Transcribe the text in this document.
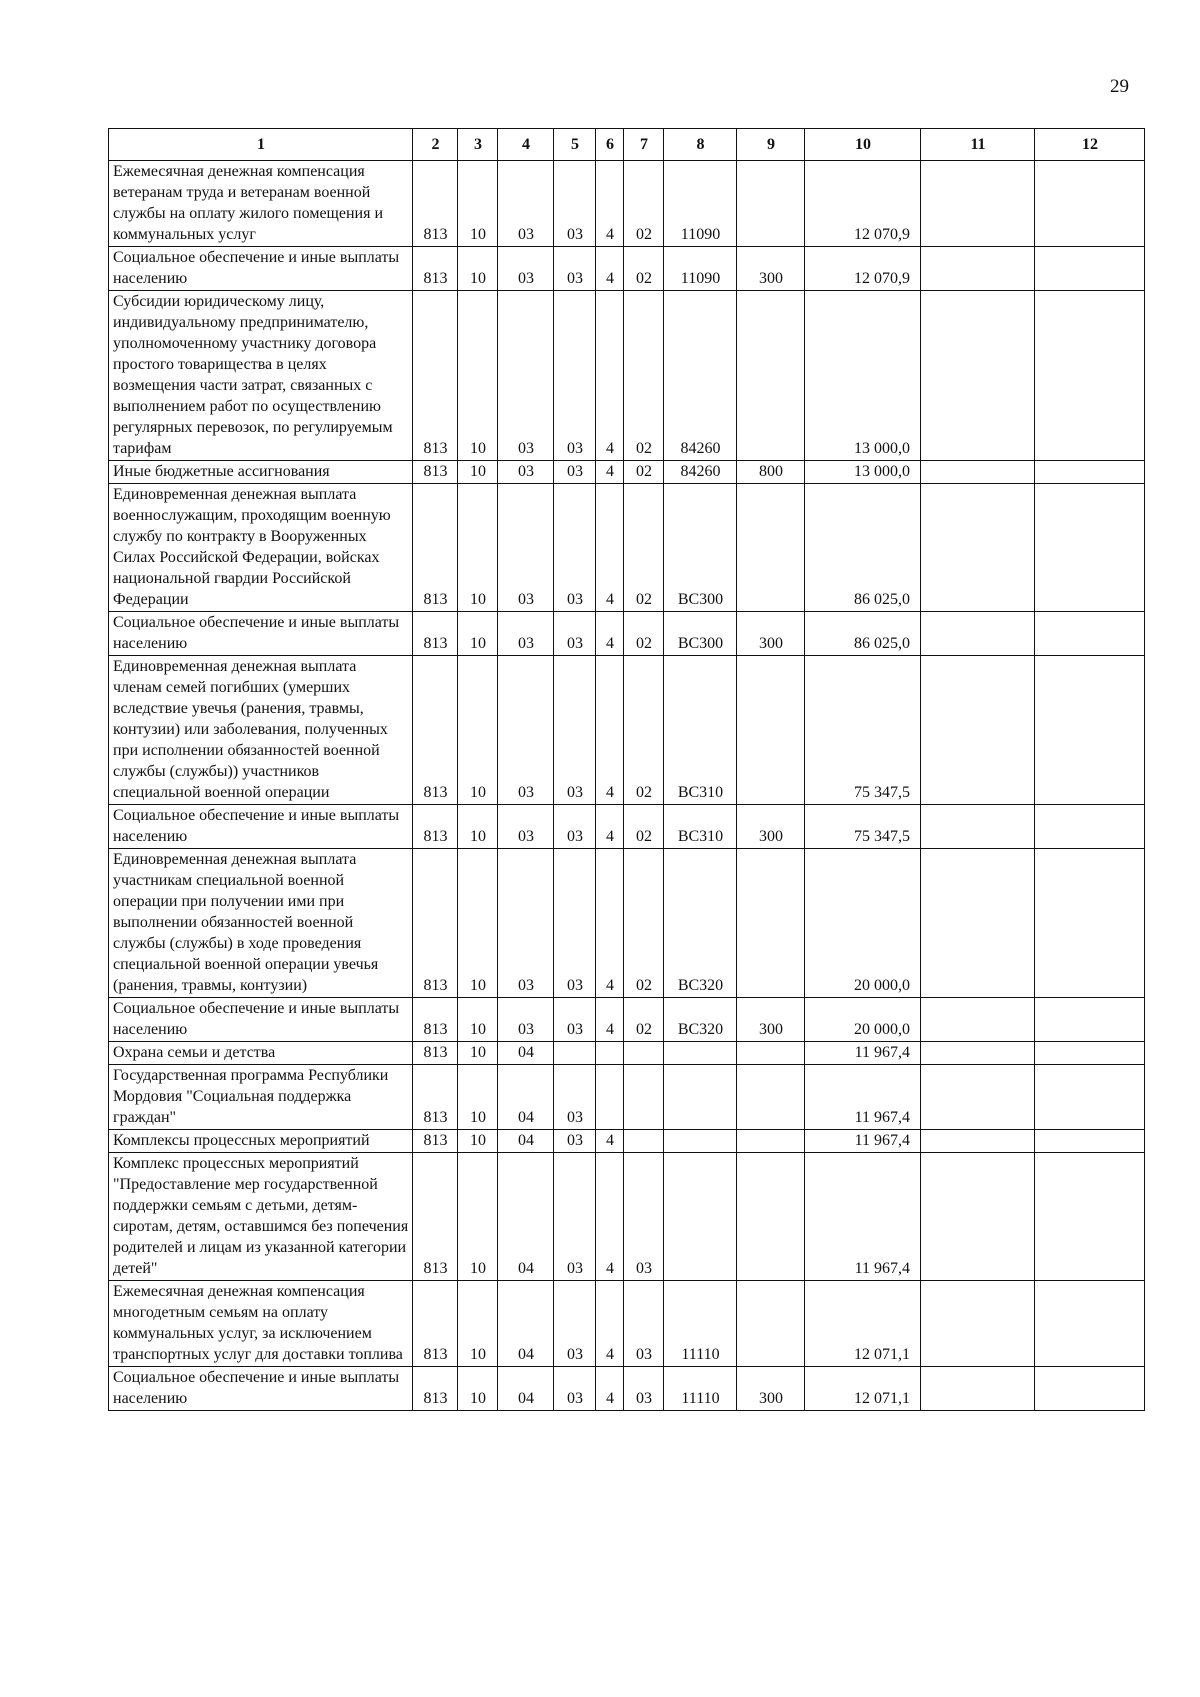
29
1	2	3	4	5	6	7	8	9	10	11	12
Ежемесячная денежная компенсация ветеранам труда и ветеранам военной службы на оплату жилого помещения и коммунальных услуг	813	10	03	03	4	02	11090		12 070,9		
Социальное обеспечение и иные выплаты населению	813	10	03	03	4	02	11090	300	12 070,9		
Субсидии юридическому лицу, индивидуальному предпринимателю, уполномоченному участнику договора простого товарищества в целях возмещения части затрат, связанных с выполнением работ по осуществлению регулярных перевозок, по регулируемым тарифам	813	10	03	03	4	02	84260		13 000,0		
Иные бюджетные ассигнования	813	10	03	03	4	02	84260	800	13 000,0		
Единовременная денежная выплата военнослужащим, проходящим военную службу по контракту в Вооруженных Силах Российской Федерации, войсках национальной гвардии Российской Федерации	813	10	03	03	4	02	ВС300		86 025,0		
Социальное обеспечение и иные выплаты населению	813	10	03	03	4	02	ВС300	300	86 025,0		
Единовременная денежная выплата членам семей погибших (умерших вследствие увечья (ранения, травмы, контузии) или заболевания, полученных при исполнении обязанностей военной службы (службы)) участников специальной военной операции	813	10	03	03	4	02	ВС310		75 347,5		
Социальное обеспечение и иные выплаты населению	813	10	03	03	4	02	ВС310	300	75 347,5		
Единовременная денежная выплата участникам специальной военной операции при получении ими при выполнении обязанностей военной службы (службы) в ходе проведения специальной военной операции увечья (ранения, травмы, контузии)	813	10	03	03	4	02	ВС320		20 000,0		
Социальное обеспечение и иные выплаты населению	813	10	03	03	4	02	ВС320	300	20 000,0		
Охрана семьи и детства	813	10	04						11 967,4		
Государственная программа Республики Мордовия "Социальная поддержка граждан"	813	10	04	03					11 967,4		
Комплексы процессных мероприятий	813	10	04	03	4				11 967,4		
Комплекс процессных мероприятий "Предоставление мер государственной поддержки семьям с детьми, детям-сиротам, детям, оставшимся без попечения родителей и лицам из указанной категории детей"	813	10	04	03	4	03			11 967,4		
Ежемесячная денежная компенсация многодетным семьям на оплату коммунальных услуг, за исключением транспортных услуг для доставки топлива	813	10	04	03	4	03	11110		12 071,1		
Социальное обеспечение и иные выплаты населению	813	10	04	03	4	03	11110	300	12 071,1		
